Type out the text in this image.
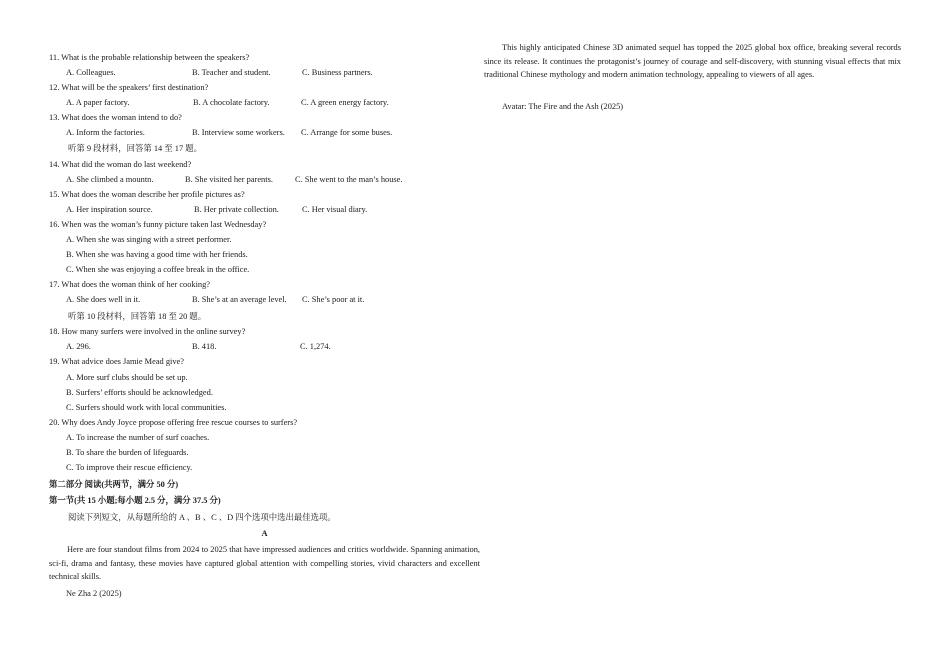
11. What is the probable relationship between the speakers?
A. Colleagues.	B. Teacher and student.	C. Business partners.
12. What will be the speakers’ first destination?
A. A paper factory.	B. A chocolate factory.	C. A green energy factory.
13. What does the woman intend to do?
A. Inform the factories.	B. Interview some workers. C. Arrange for some buses.
听第 9 段材料，回答第 14 至 17 题。
14. What did the woman do last weekend?
A. She climbed a mountn.	B. She visited her parents.	C. She went to the man’s house.
15. What does the woman describe her profile pictures as?
A. Her inspiration source.	B. Her private collection.	C. Her visual diary.
16. When was the woman’s funny picture taken last Wednesday?
A. When she was singing with a street performer.
B. When she was having a good time with her friends.
C. When she was enjoying a coffee break in the office.
17. What does the woman think of her cooking?
A. She does well in it.	B. She’s at an average level. C. She’s poor at it.
听第 10 段材料，回答第 18 至 20 题。
18. How many surfers were involved in the online survey?
A. 296.	B. 418.	C. 1,274.
19. What advice does Jamie Mead give?
A. More surf clubs should be set up.
B. Surfers’ efforts should be acknowledged.
C. Surfers should work with local communities.
20. Why does Andy Joyce propose offering free rescue courses to surfers?
A. To increase the number of surf coaches.
B. To share the burden of lifeguards.
C. To improve their rescue efficiency.
第二部分 阅读(共两节，满分 50 分)
第一节(共 15 小题;每小题 2.5 分，满分 37.5 分)
阅读下列短文，从每题所给的 A 、B 、C 、D 四个选项中选出最佳选项。
A
Here are four standout films from 2024 to 2025 that have impressed audiences and critics worldwide. Spanning animation, sci-fi, drama and fantasy, these movies have captured global attention with compelling stories, vivid characters and excellent technical skills.
Ne Zha 2 (2025)
This highly anticipated Chinese 3D animated sequel has topped the 2025 global box office, breaking several records since its release. It continues the protagonist’s journey of courage and self-discovery, with stunning visual effects that mix traditional Chinese mythology and modern animation technology, appealing to viewers of all ages.
Avatar: The Fire and the Ash (2025)
